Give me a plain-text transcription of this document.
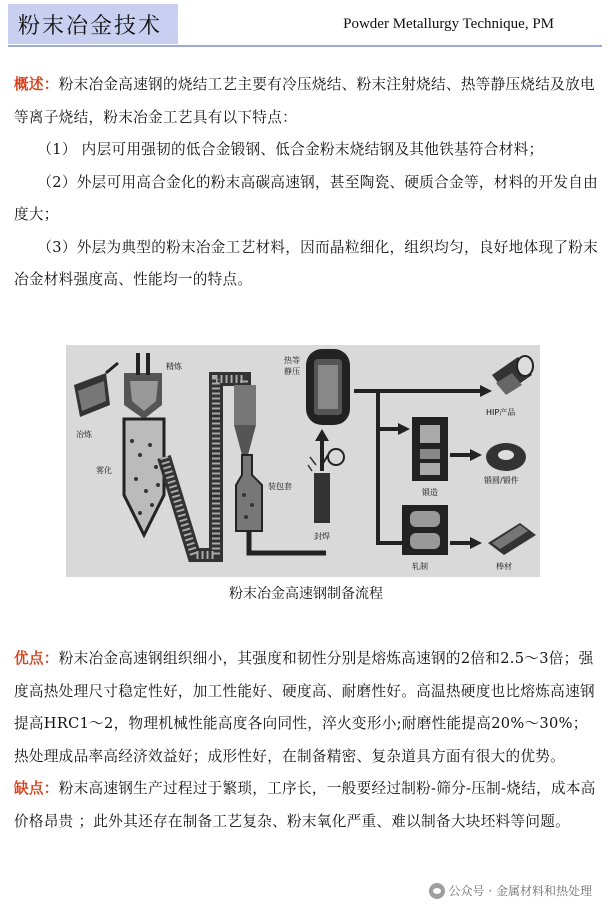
粉末冶金技术	Powder Metallurgy Technique, PM

概述：粉末冶金高速钢的烧结工艺主要有冷压烧结、粉末注射烧结、热等静压烧结及放电等离子烧结，粉末冶金工艺具有以下特点：

（1） 内层可用强韧的低合金锻钢、低合金粉末烧结钢及其他铁基符合材料；

（2）外层可用高合金化的粉末高碳高速钢，甚至陶瓷、硬质合金等，材料的开发自由度大；

（3）外层为典型的粉末冶金工艺材料，因而晶粒细化，组织均匀，良好地体现了粉末冶金材料强度高、性能均一的特点。

冶炼
精炼
雾化
装包套
封焊
热等静压
锻造
轧制
HIP产品
锻圆/锻件
棒材
粉末冶金高速钢制备流程

优点：粉末冶金高速钢组织细小，其强度和韧性分别是熔炼高速钢的2倍和2.5～3倍；强度高热处理尺寸稳定性好，加工性能好、硬度高、耐磨性好。高温热硬度也比熔炼高速钢提高HRC1～2，物理机械性能高度各向同性，淬火变形小;耐磨性能提高20%～30%；热处理成品率高经济效益好；成形性好，在制备精密、复杂道具方面有很大的优势。

缺点：粉末高速钢生产过程过于繁琐，工序长，一般要经过制粉-筛分-压制-烧结，成本高价格昂贵 ；此外其还存在制备工艺复杂、粉末氧化严重、难以制备大块坯料等问题。

公众号 · 金属材料和热处理
